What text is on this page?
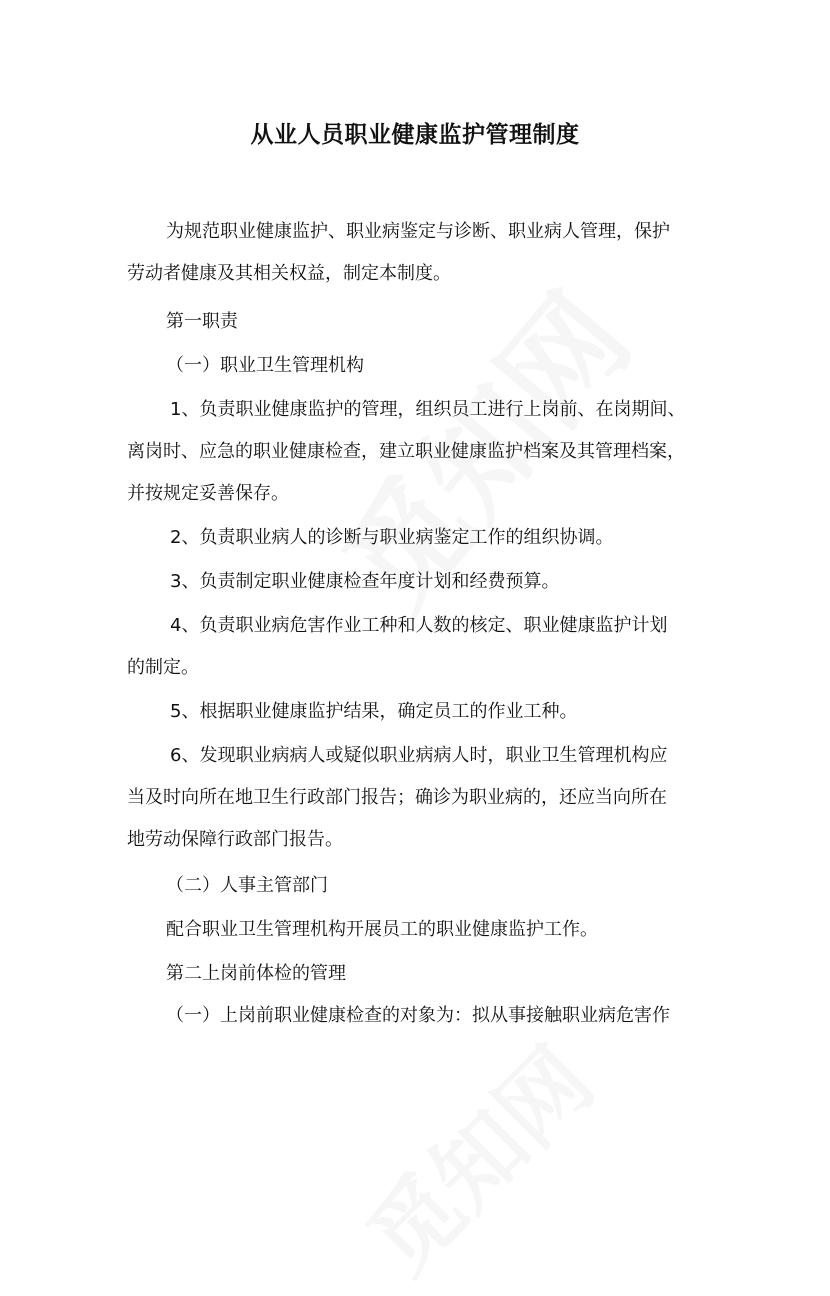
从业人员职业健康监护管理制度

为规范职业健康监护、职业病鉴定与诊断、职业病人管理，保护

劳动者健康及其相关权益，制定本制度。

第一职责

（一）职业卫生管理机构

1、负责职业健康监护的管理，组织员工进行上岗前、在岗期间、

离岗时、应急的职业健康检查，建立职业健康监护档案及其管理档案，

并按规定妥善保存。

2、负责职业病人的诊断与职业病鉴定工作的组织协调。

3、负责制定职业健康检查年度计划和经费预算。

4、负责职业病危害作业工种和人数的核定、职业健康监护计划

的制定。

5、根据职业健康监护结果，确定员工的作业工种。

6、发现职业病病人或疑似职业病病人时，职业卫生管理机构应

当及时向所在地卫生行政部门报告；确诊为职业病的，还应当向所在

地劳动保障行政部门报告。

（二）人事主管部门

配合职业卫生管理机构开展员工的职业健康监护工作。

第二上岗前体检的管理

（一）上岗前职业健康检查的对象为：拟从事接触职业病危害作
